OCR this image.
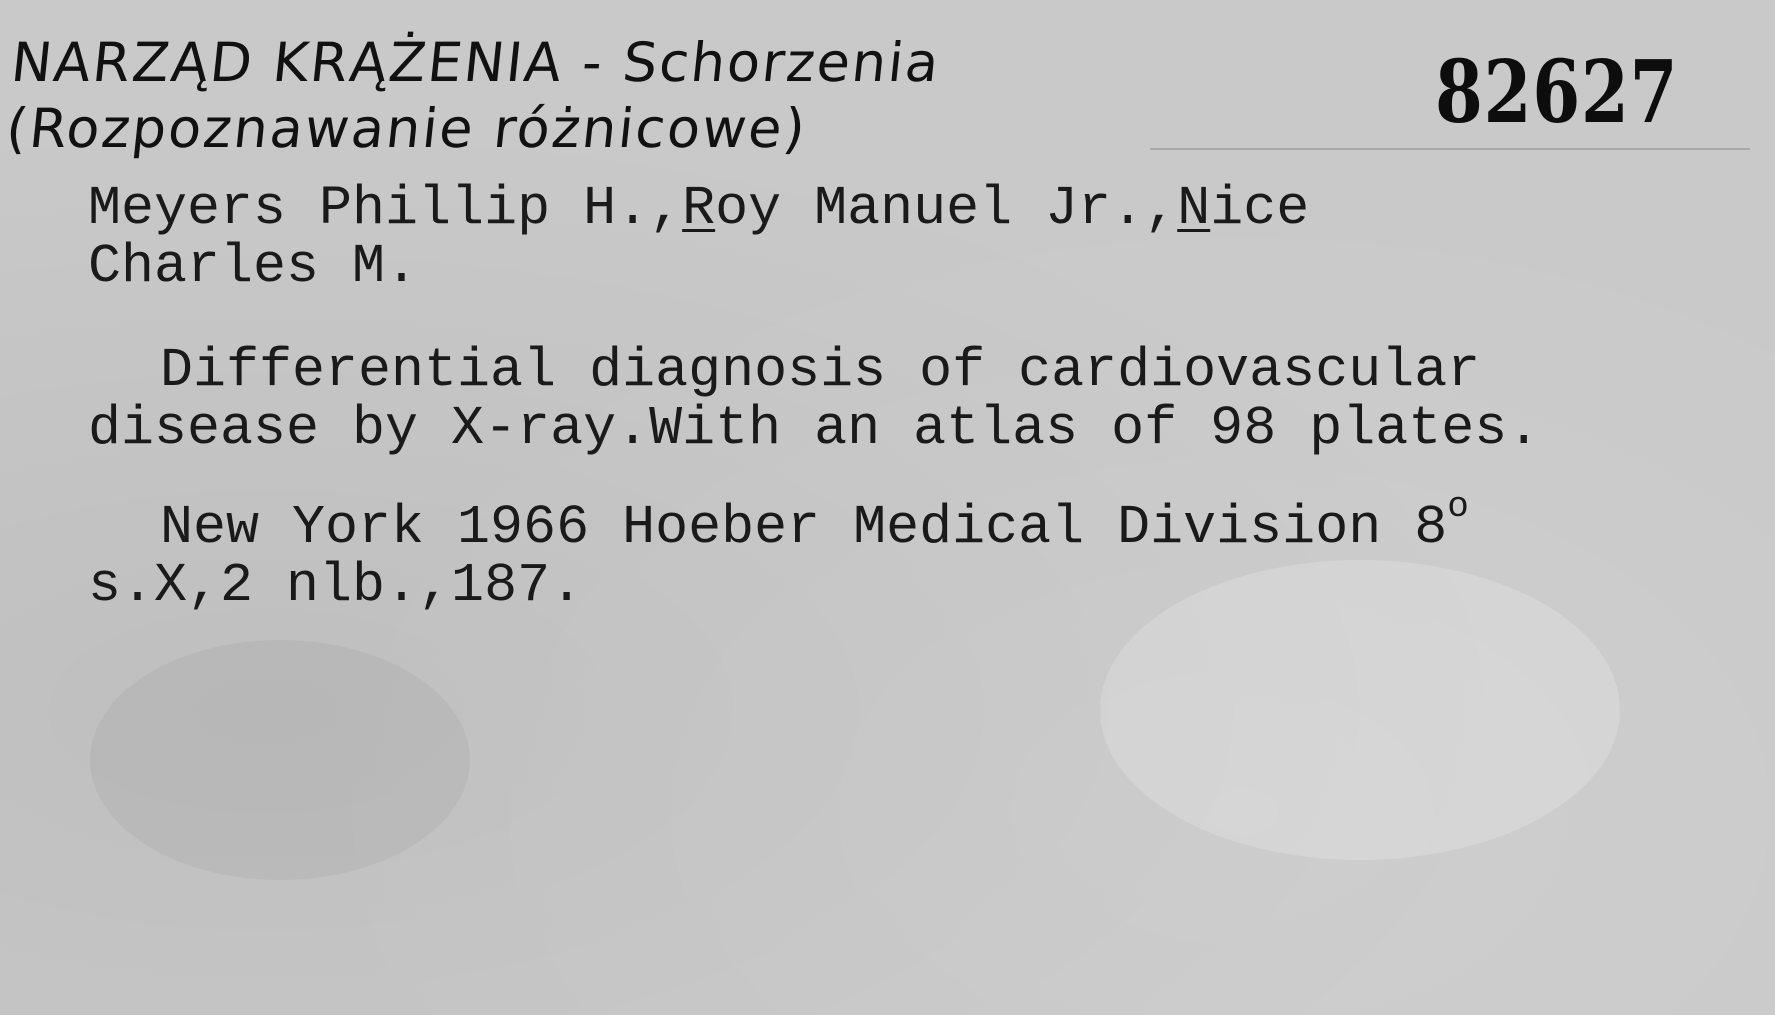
NARZĄD KRĄŻENIA - Schorzenia
(Rozpoznawanie różnicowe)	82627
Meyers Phillip H.,Roy Manuel Jr.,Nice
Charles M.
Differential diagnosis of cardiovascular
disease by X-ray.With an atlas of 98 plates.
New York 1966 Hoeber Medical Division 8$^o$
s.X,2 nlb.,187.
